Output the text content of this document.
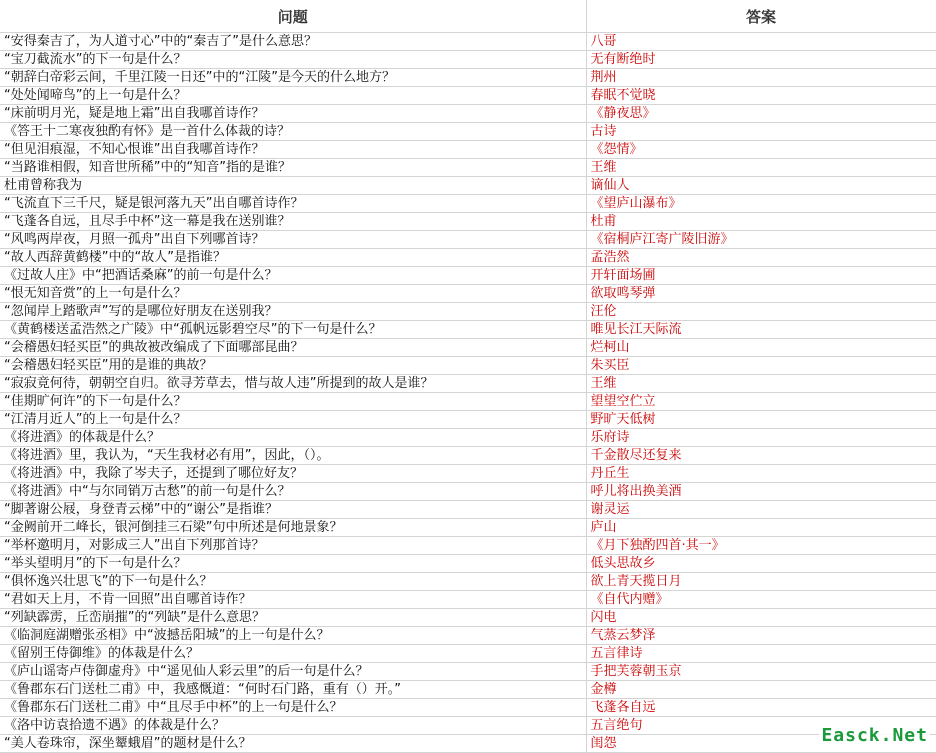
问题	答案
“安得秦吉了，为人道寸心”中的“秦吉了”是什么意思？	八哥
“宝刀截流水”的下一句是什么？	无有断绝时
“朝辞白帝彩云间，千里江陵一日还”中的“江陵”是今天的什么地方？	荆州
“处处闻啼鸟”的上一句是什么？	春眠不觉晓
“床前明月光，疑是地上霜”出自我哪首诗作？	《静夜思》
《答王十二寒夜独酌有怀》是一首什么体裁的诗？	古诗
“但见泪痕湿，不知心恨谁”出自我哪首诗作？	《怨情》
“当路谁相假，知音世所稀”中的“知音”指的是谁？	王维
杜甫曾称我为	谪仙人
“飞流直下三千尺，疑是银河落九天”出自哪首诗作？	《望庐山瀑布》
“飞蓬各自远，且尽手中杯”这一幕是我在送别谁？	杜甫
“风鸣两岸夜，月照一孤舟”出自下列哪首诗？	《宿桐庐江寄广陵旧游》
“故人西辞黄鹤楼”中的“故人”是指谁？	孟浩然
《过故人庄》中“把酒话桑麻”的前一句是什么？	开轩面场圃
“恨无知音赏”的上一句是什么？	欲取鸣琴弹
“忽闻岸上踏歌声”写的是哪位好朋友在送别我？	汪伦
《黄鹤楼送孟浩然之广陵》中“孤帆远影碧空尽”的下一句是什么？	唯见长江天际流
“会稽愚妇轻买臣”的典故被改编成了下面哪部昆曲？	烂柯山
“会稽愚妇轻买臣”用的是谁的典故？	朱买臣
“寂寂竟何待，朝朝空自归。欲寻芳草去，惜与故人违”所提到的故人是谁？	王维
“佳期旷何许”的下一句是什么？	望望空伫立
“江清月近人”的上一句是什么？	野旷天低树
《将进酒》的体裁是什么？	乐府诗
《将进酒》里，我认为，“天生我材必有用”，因此，（）。	千金散尽还复来
《将进酒》中，我除了岑夫子，还提到了哪位好友？	丹丘生
《将进酒》中“与尔同销万古愁”的前一句是什么？	呼儿将出换美酒
“脚著谢公屐，身登青云梯”中的“谢公”是指谁？	谢灵运
“金阙前开二峰长，银河倒挂三石梁”句中所述是何地景象？	庐山
“举杯邀明月，对影成三人”出自下列那首诗？	《月下独酌四首·其一》
“举头望明月”的下一句是什么？	低头思故乡
“俱怀逸兴壮思飞”的下一句是什么？	欲上青天揽日月
“君如天上月，不肯一回照”出自哪首诗作？	《自代内赠》
“列缺霹雳，丘峦崩摧”的“列缺”是什么意思？	闪电
《临洞庭湖赠张丞相》中“波撼岳阳城”的上一句是什么？	气蒸云梦泽
《留别王侍御维》的体裁是什么？	五言律诗
《庐山谣寄卢侍御虚舟》中“遥见仙人彩云里”的后一句是什么？	手把芙蓉朝玉京
《鲁郡东石门送杜二甫》中，我感慨道：“何时石门路，重有（）开。”	金樽
《鲁郡东石门送杜二甫》中“且尽手中杯”的上一句是什么？	飞蓬各自远
《洛中访袁拾遗不遇》的体裁是什么？	五言绝句
“美人卷珠帘，深坐颦蛾眉”的题材是什么？	闺怨	Easck.Net
